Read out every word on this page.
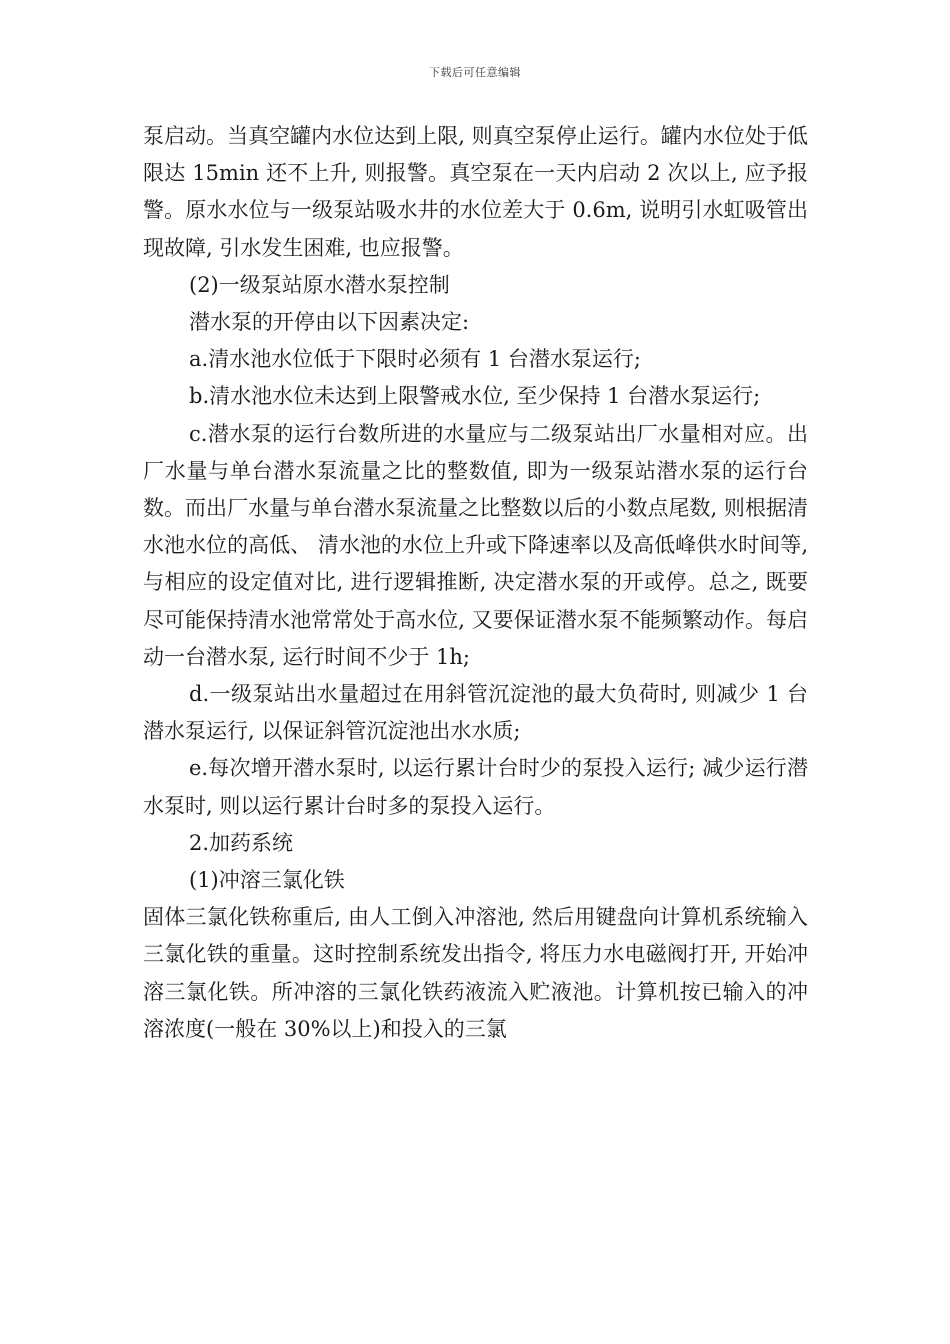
下载后可任意编辑

泵启动。当真空罐内水位达到上限, 则真空泵停止运行。罐内水位处于低限达 15min 还不上升, 则报警。真空泵在一天内启动 2 次以上, 应予报警。原水水位与一级泵站吸水井的水位差大于 0.6m, 说明引水虹吸管出现故障, 引水发生困难, 也应报警。

(2)一级泵站原水潜水泵控制

潜水泵的开停由以下因素决定:

a.清水池水位低于下限时必须有 1 台潜水泵运行;

b.清水池水位未达到上限警戒水位, 至少保持 1 台潜水泵运行;

c.潜水泵的运行台数所进的水量应与二级泵站出厂水量相对应。出厂水量与单台潜水泵流量之比的整数值, 即为一级泵站潜水泵的运行台数。而出厂水量与单台潜水泵流量之比整数以后的小数点尾数, 则根据清水池水位的高低、 清水池的水位上升或下降速率以及高低峰供水时间等, 与相应的设定值对比, 进行逻辑推断, 决定潜水泵的开或停。总之, 既要尽可能保持清水池常常处于高水位, 又要保证潜水泵不能频繁动作。每启动一台潜水泵, 运行时间不少于 1h;

d.一级泵站出水量超过在用斜管沉淀池的最大负荷时, 则减少 1 台潜水泵运行, 以保证斜管沉淀池出水水质;

e.每次增开潜水泵时, 以运行累计台时少的泵投入运行; 减少运行潜水泵时, 则以运行累计台时多的泵投入运行。

2.加药系统

(1)冲溶三氯化铁

固体三氯化铁称重后, 由人工倒入冲溶池, 然后用键盘向计算机系统输入三氯化铁的重量。这时控制系统发出指令, 将压力水电磁阀打开, 开始冲溶三氯化铁。所冲溶的三氯化铁药液流入贮液池。计算机按已输入的冲溶浓度(一般在 30%以上)和投入的三氯
